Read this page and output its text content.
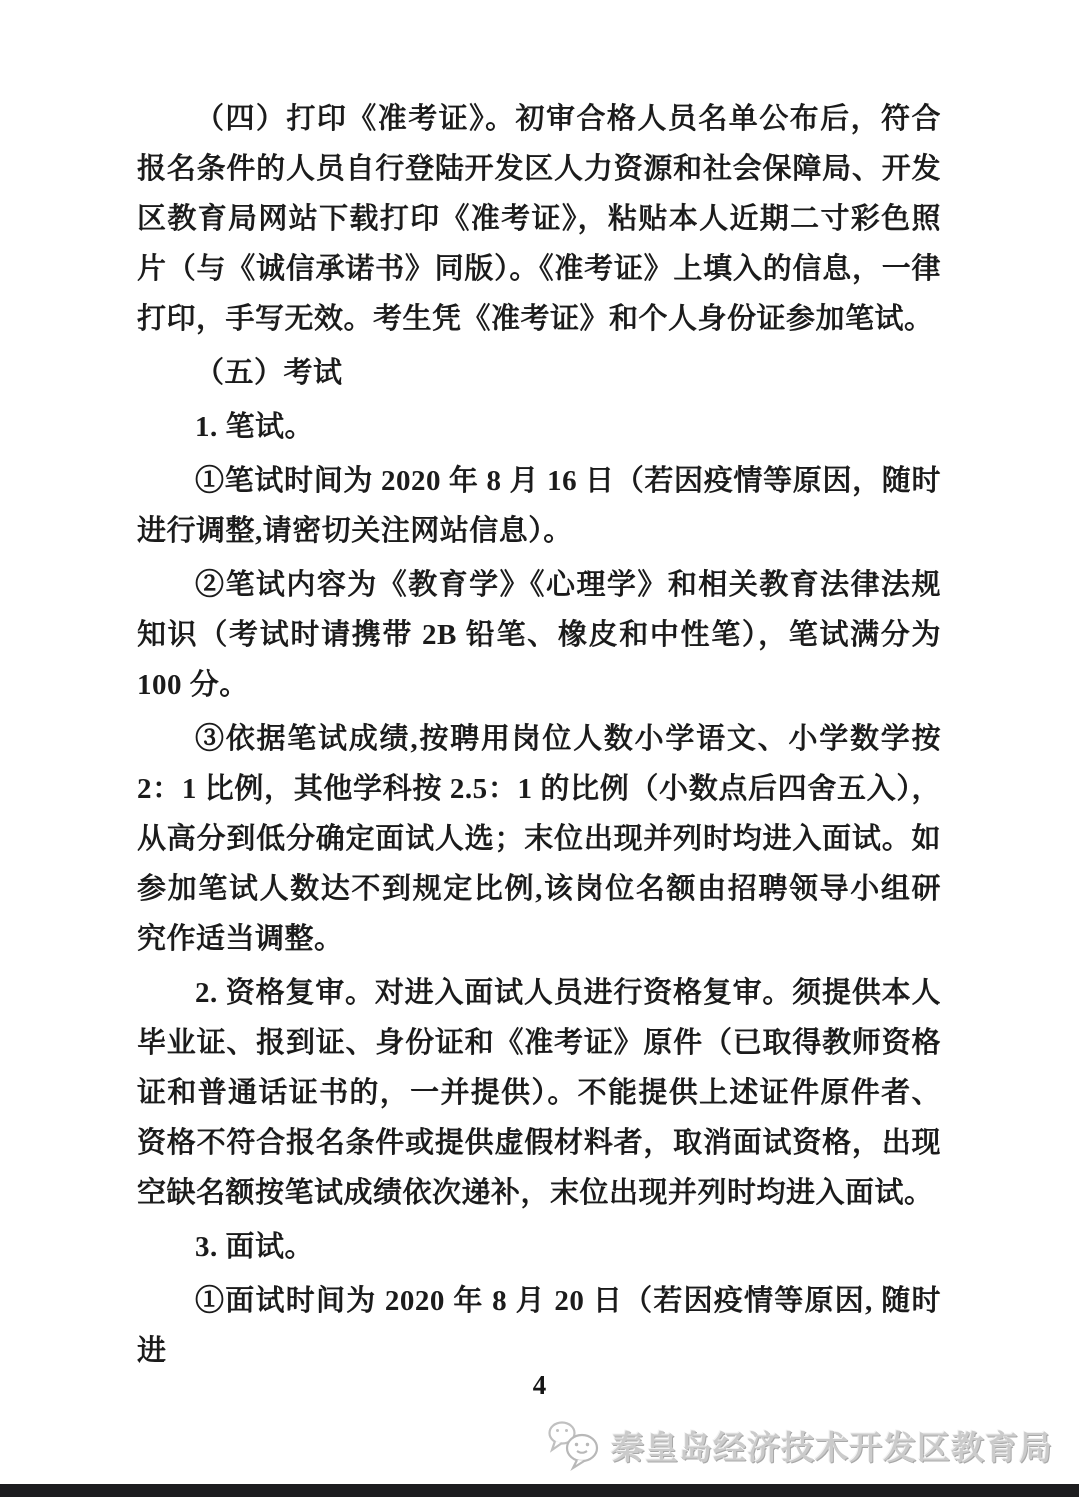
（四）打印《准考证》。初审合格人员名单公布后，符合报名条件的人员自行登陆开发区人力资源和社会保障局、开发区教育局网站下载打印《准考证》，粘贴本人近期二寸彩色照片（与《诚信承诺书》同版）。《准考证》上填入的信息，一律打印，手写无效。考生凭《准考证》和个人身份证参加笔试。

（五）考试

1. 笔试。

①笔试时间为 2020 年 8 月 16 日（若因疫情等原因，随时进行调整,请密切关注网站信息）。

②笔试内容为《教育学》《心理学》和相关教育法律法规知识（考试时请携带 2B 铅笔、橡皮和中性笔），笔试满分为 100 分。

③依据笔试成绩,按聘用岗位人数小学语文、小学数学按 2：1 比例，其他学科按 2.5：1 的比例（小数点后四舍五入），从高分到低分确定面试人选；末位出现并列时均进入面试。如参加笔试人数达不到规定比例,该岗位名额由招聘领导小组研究作适当调整。

2. 资格复审。对进入面试人员进行资格复审。须提供本人毕业证、报到证、身份证和《准考证》原件（已取得教师资格证和普通话证书的，一并提供）。不能提供上述证件原件者、资格不符合报名条件或提供虚假材料者，取消面试资格，出现空缺名额按笔试成绩依次递补，末位出现并列时均进入面试。

3. 面试。

①面试时间为 2020 年 8 月 20 日（若因疫情等原因, 随时进

4
秦皇岛经济技术开发区教育局
